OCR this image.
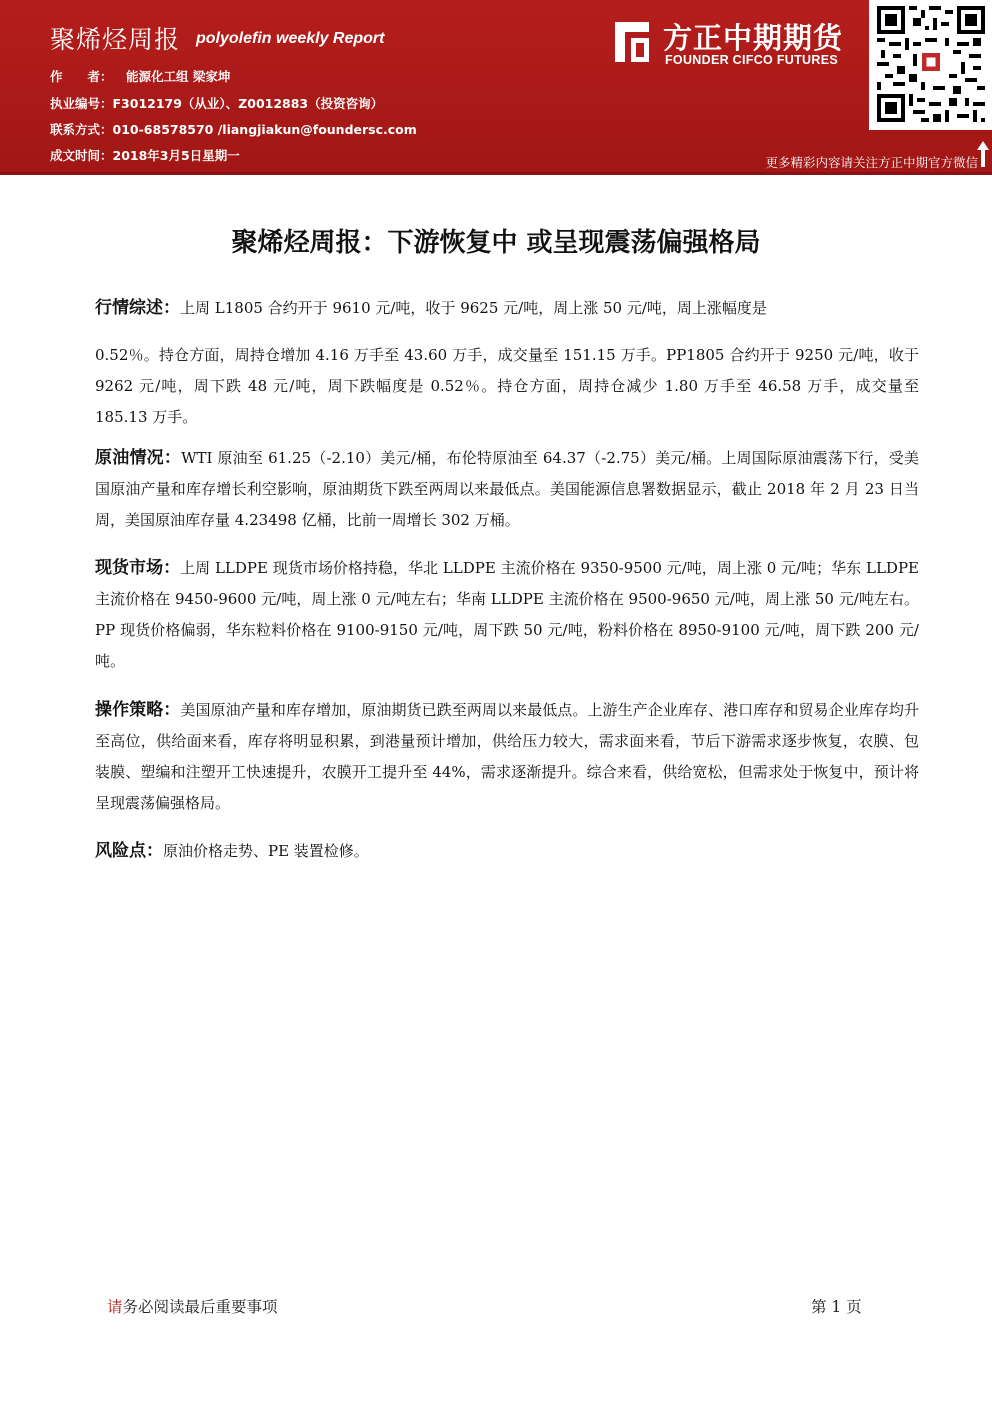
聚烯烃周报 polyolefin weekly Report
作　　者： 能源化工组 梁家坤
执业编号：F3012179（从业）、Z0012883（投资咨询）
联系方式：010-68578570 /liangjiakun@foundersc.com
成文时间：2018年3月5日星期一
方正中期期货
FOUNDER CIFCO FUTURES
更多精彩内容请关注方正中期官方微信
聚烯烃周报：下游恢复中 或呈现震荡偏强格局
行情综述：上周 L1805 合约开于 9610 元/吨，收于 9625 元/吨，周上涨 50 元/吨，周上涨幅度是
0.52％。持仓方面，周持仓增加 4.16 万手至 43.60 万手，成交量至 151.15 万手。PP1805 合约开于 9250 元/吨，收于 9262 元/吨，周下跌 48 元/吨，周下跌幅度是 0.52％。持仓方面，周持仓减少 1.80 万手至 46.58 万手，成交量至 185.13 万手。
原油情况：WTI 原油至 61.25（-2.10）美元/桶，布伦特原油至 64.37（-2.75）美元/桶。上周国际原油震荡下行，受美国原油产量和库存增长利空影响，原油期货下跌至两周以来最低点。美国能源信息署数据显示，截止 2018 年 2 月 23 日当周，美国原油库存量 4.23498 亿桶，比前一周增长 302 万桶。
现货市场：上周 LLDPE 现货市场价格持稳，华北 LLDPE 主流价格在 9350-9500 元/吨，周上涨 0 元/吨；华东 LLDPE 主流价格在 9450-9600 元/吨，周上涨 0 元/吨左右；华南 LLDPE 主流价格在 9500-9650 元/吨，周上涨 50 元/吨左右。PP 现货价格偏弱，华东粒料价格在 9100-9150 元/吨，周下跌 50 元/吨，粉料价格在 8950-9100 元/吨，周下跌 200 元/吨。
操作策略：美国原油产量和库存增加，原油期货已跌至两周以来最低点。上游生产企业库存、港口库存和贸易企业库存均升至高位，供给面来看，库存将明显积累，到港量预计增加，供给压力较大，需求面来看，节后下游需求逐步恢复，农膜、包装膜、塑编和注塑开工快速提升，农膜开工提升至 44%，需求逐渐提升。综合来看，供给宽松，但需求处于恢复中，预计将呈现震荡偏强格局。
风险点：原油价格走势、PE 装置检修。
请务必阅读最后重要事项	第 1 页
